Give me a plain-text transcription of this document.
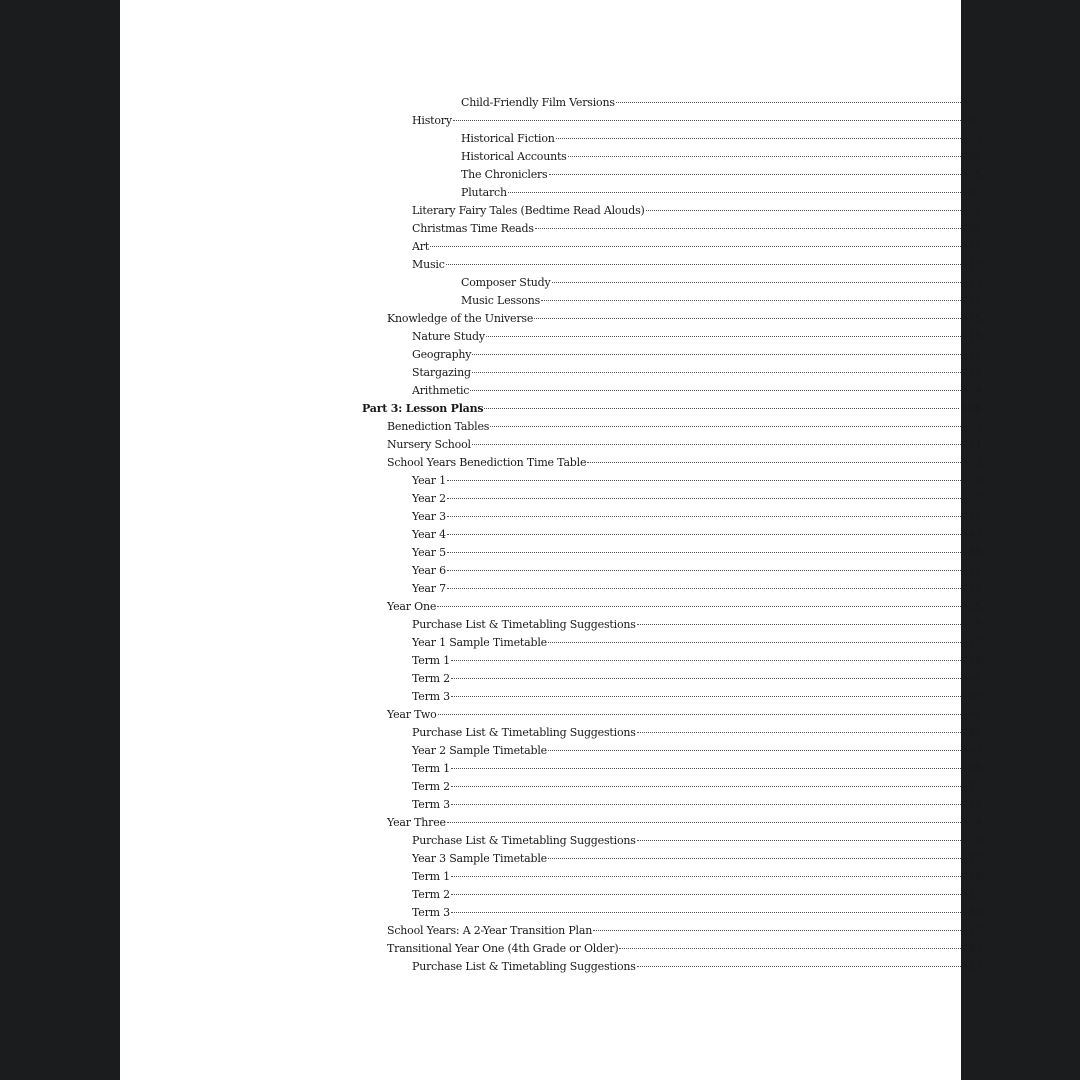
Child-Friendly Film Versions	101
History	101
Historical Fiction	102
Historical Accounts	105
The Chroniclers	105
Plutarch	107
Literary Fairy Tales (Bedtime Read Alouds)	109
Christmas Time Reads	109
Art	110
Music	113
Composer Study	113
Music Lessons	115
Knowledge of the Universe	115
Nature Study	116
Geography	119
Stargazing	123
Arithmetic	124
Part 3: Lesson Plans	126
Benediction Tables	131
Nursery School	131
School Years Benediction Time Table	132
Year 1	134
Year 2	137
Year 3	140
Year 4	143
Year 5	146
Year 6	149
Year 7	152
Year One	155
Purchase List & Timetabling Suggestions	155
Year 1 Sample Timetable	157
Term 1	158
Term 2	160
Term 3	163
Year Two	165
Purchase List & Timetabling Suggestions	165
Year 2 Sample Timetable	167
Term 1	168
Term 2	170
Term 3	172
Year Three	174
Purchase List & Timetabling Suggestions	174
Year 3 Sample Timetable	177
Term 1	178
Term 2	181
Term 3	184
School Years: A 2-Year Transition Plan	187
Transitional Year One (4th Grade or Older)	187
Purchase List & Timetabling Suggestions	187
